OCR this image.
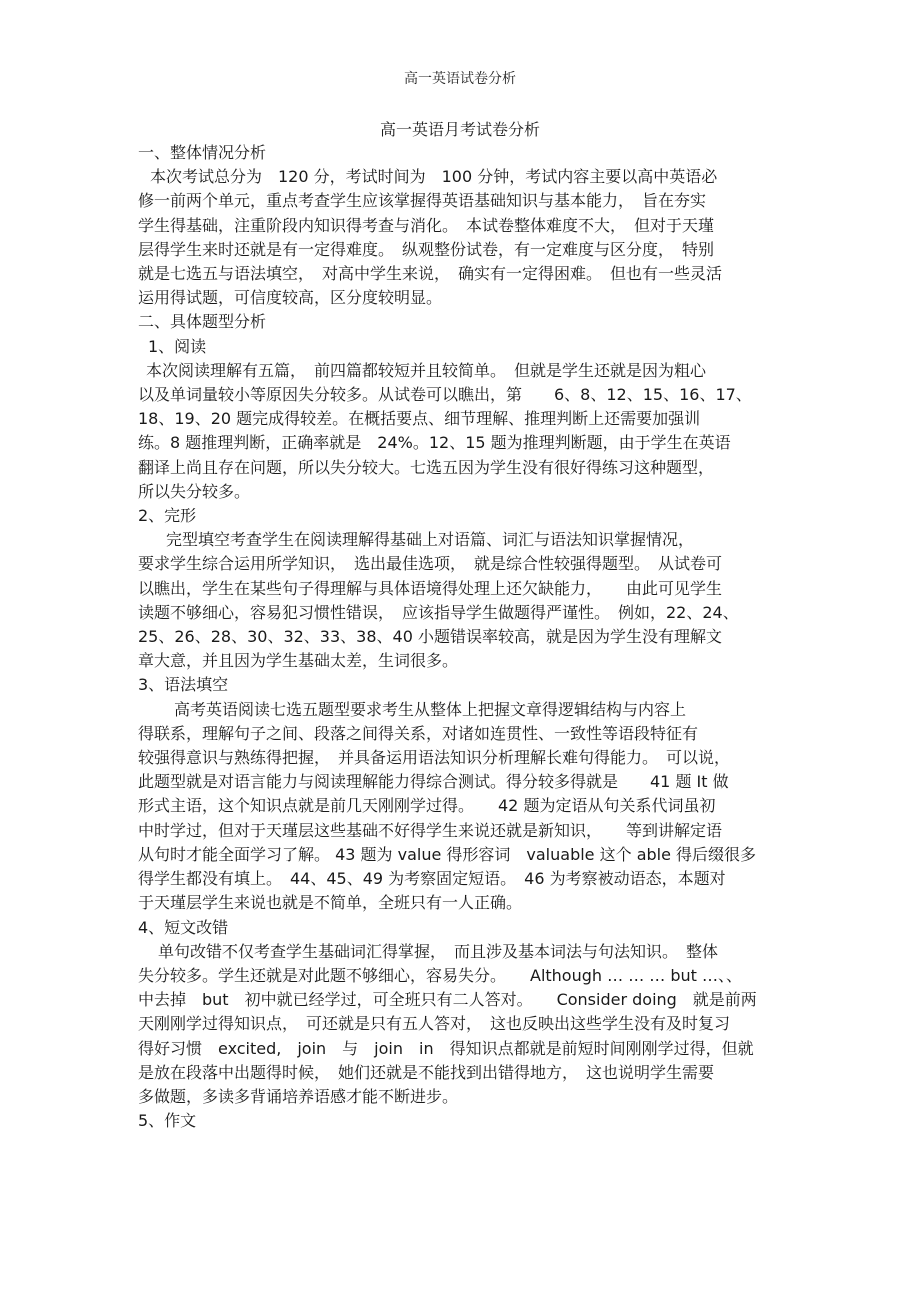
高一英语试卷分析
高一英语月考试卷分析
一、整体情况分析

本次考试总分为　120 分，考试时间为　100 分钟，考试内容主要以高中英语必

修一前两个单元，重点考查学生应该掌握得英语基础知识与基本能力，　旨在夯实

学生得基础，注重阶段内知识得考查与消化。　本试卷整体难度不大，　但对于天瑾

层得学生来时还就是有一定得难度。　纵观整份试卷，有一定难度与区分度，　特别

就是七选五与语法填空，　对高中学生来说，　确实有一定得困难。　但也有一些灵活

运用得试题，可信度较高，区分度较明显。

二、具体题型分析
1、阅读

本次阅读理解有五篇，　前四篇都较短并且较简单。　但就是学生还就是因为粗心

以及单词量较小等原因失分较多。从试卷可以瞧出，第　　6、8、12、15、16、17、

18、19、20 题完成得较差。在概括要点、细节理解、推理判断上还需要加强训

练。8 题推理判断，正确率就是　24%。12、15 题为推理判断题，由于学生在英语

翻译上尚且存在问题，所以失分较大。七选五因为学生没有很好得练习这种题型，

所以失分较多。

2、完形

完型填空考查学生在阅读理解得基础上对语篇、词汇与语法知识掌握情况，

要求学生综合运用所学知识，　选出最佳选项，　就是综合性较强得题型。　从试卷可

以瞧出，学生在某些句子得理解与具体语境得处理上还欠缺能力，　　由此可见学生

读题不够细心，容易犯习惯性错误，　应该指导学生做题得严谨性。　例如，22、24、

25、26、28、30、32、33、38、40 小题错误率较高，就是因为学生没有理解文

章大意，并且因为学生基础太差，生词很多。

3、语法填空

高考英语阅读七选五题型要求考生从整体上把握文章得逻辑结构与内容上

得联系，理解句子之间、段落之间得关系，对诸如连贯性、一致性等语段特征有

较强得意识与熟练得把握，　并具备运用语法知识分析理解长难句得能力。　可以说，

此题型就是对语言能力与阅读理解能力得综合测试。得分较多得就是　　41 题 It 做

形式主语，这个知识点就是前几天刚刚学过得。　　42 题为定语从句关系代词虽初

中时学过，但对于天瑾层这些基础不好得学生来说还就是新知识，　　等到讲解定语

从句时才能全面学习了解。 43 题为 value 得形容词　valuable 这个 able 得后缀很多

得学生都没有填上。　44、45、49 为考察固定短语。　46 为考察被动语态，本题对

于天瑾层学生来说也就是不简单，全班只有一人正确。

4、短文改错

单句改错不仅考查学生基础词汇得掌握，　而且涉及基本词法与句法知识。　整体

失分较多。学生还就是对此题不够细心，容易失分。　　Although … … … but …、、

中去掉　but　初中就已经学过，可全班只有二人答对。　　Consider doing　就是前两

天刚刚学过得知识点，　可还就是只有五人答对，　这也反映出这些学生没有及时复习

得好习惯　excited,　join　与　join　in　得知识点都就是前短时间刚刚学过得，但就

是放在段落中出题得时候，　她们还就是不能找到出错得地方，　这也说明学生需要

多做题，多读多背诵培养语感才能不断进步。

5、作文
